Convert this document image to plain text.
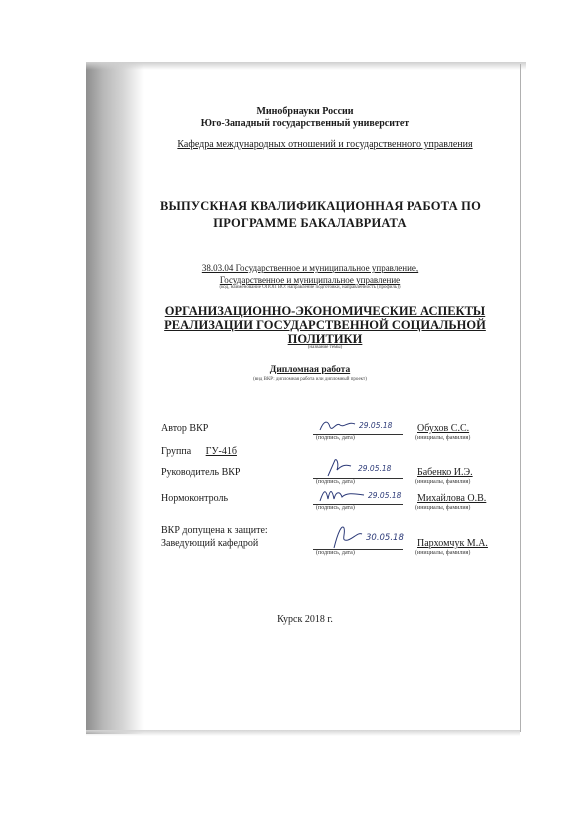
Минобрнауки России
Юго-Западный государственный университет
Кафедра международных отношений и государственного управления
ВЫПУСКНАЯ КВАЛИФИКАЦИОННАЯ РАБОТА ПО
ПРОГРАММЕ БАКАЛАВРИАТА
38.03.04 Государственное и муниципальное управление,
Государственное и муниципальное управление
(код, наименование ОПОП ВО: направление подготовки, направленность (профиль))
ОРГАНИЗАЦИОННО-ЭКОНОМИЧЕСКИЕ АСПЕКТЫ
РЕАЛИЗАЦИИ ГОСУДАРСТВЕННОЙ СОЦИАЛЬНОЙ
ПОЛИТИКИ
(название темы)
Дипломная работа
(вид ВКР: дипломная работа или дипломный проект)
Автор ВКР	29.05.18
(подпись, дата)
Обухов С.С.
(инициалы, фамилия)
Группа ГУ-41б
Руководитель ВКР	29.05.18
(подпись, дата)
Бабенко И.Э.
(инициалы, фамилия)
Нормоконтроль	29.05.18
(подпись, дата)
Михайлова О.В.
(инициалы, фамилия)
ВКР допущена к защите:
Заведующий кафедрой	30.05.18
(подпись, дата)
Пархомчук М.А.
(инициалы, фамилия)
Курск 2018 г.
